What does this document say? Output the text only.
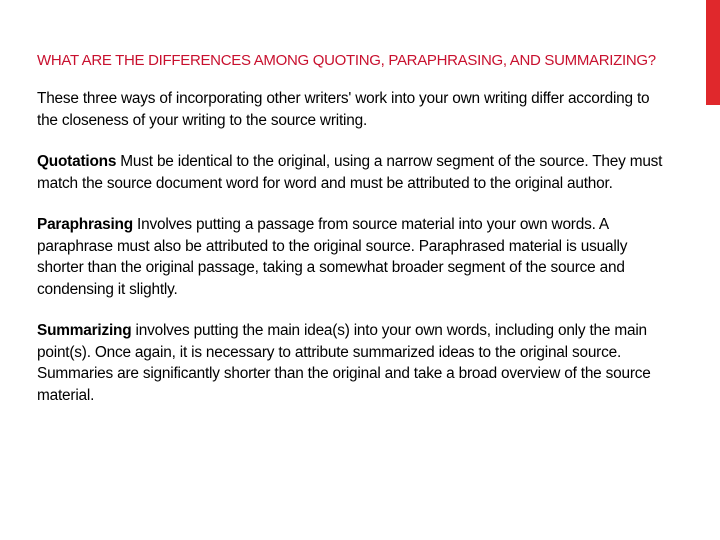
WHAT ARE THE DIFFERENCES AMONG QUOTING, PARAPHRASING, AND SUMMARIZING?

These three ways of incorporating other writers' work into your own writing differ according to the closeness of your writing to the source writing.

Quotations Must be identical to the original, using a narrow segment of the source. They must match the source document word for word and must be attributed to the original author.

Paraphrasing Involves putting a passage from source material into your own words. A paraphrase must also be attributed to the original source. Paraphrased material is usually shorter than the original passage, taking a somewhat broader segment of the source and condensing it slightly.

Summarizing involves putting the main idea(s) into your own words, including only the main point(s). Once again, it is necessary to attribute summarized ideas to the original source. Summaries are significantly shorter than the original and take a broad overview of the source material.
